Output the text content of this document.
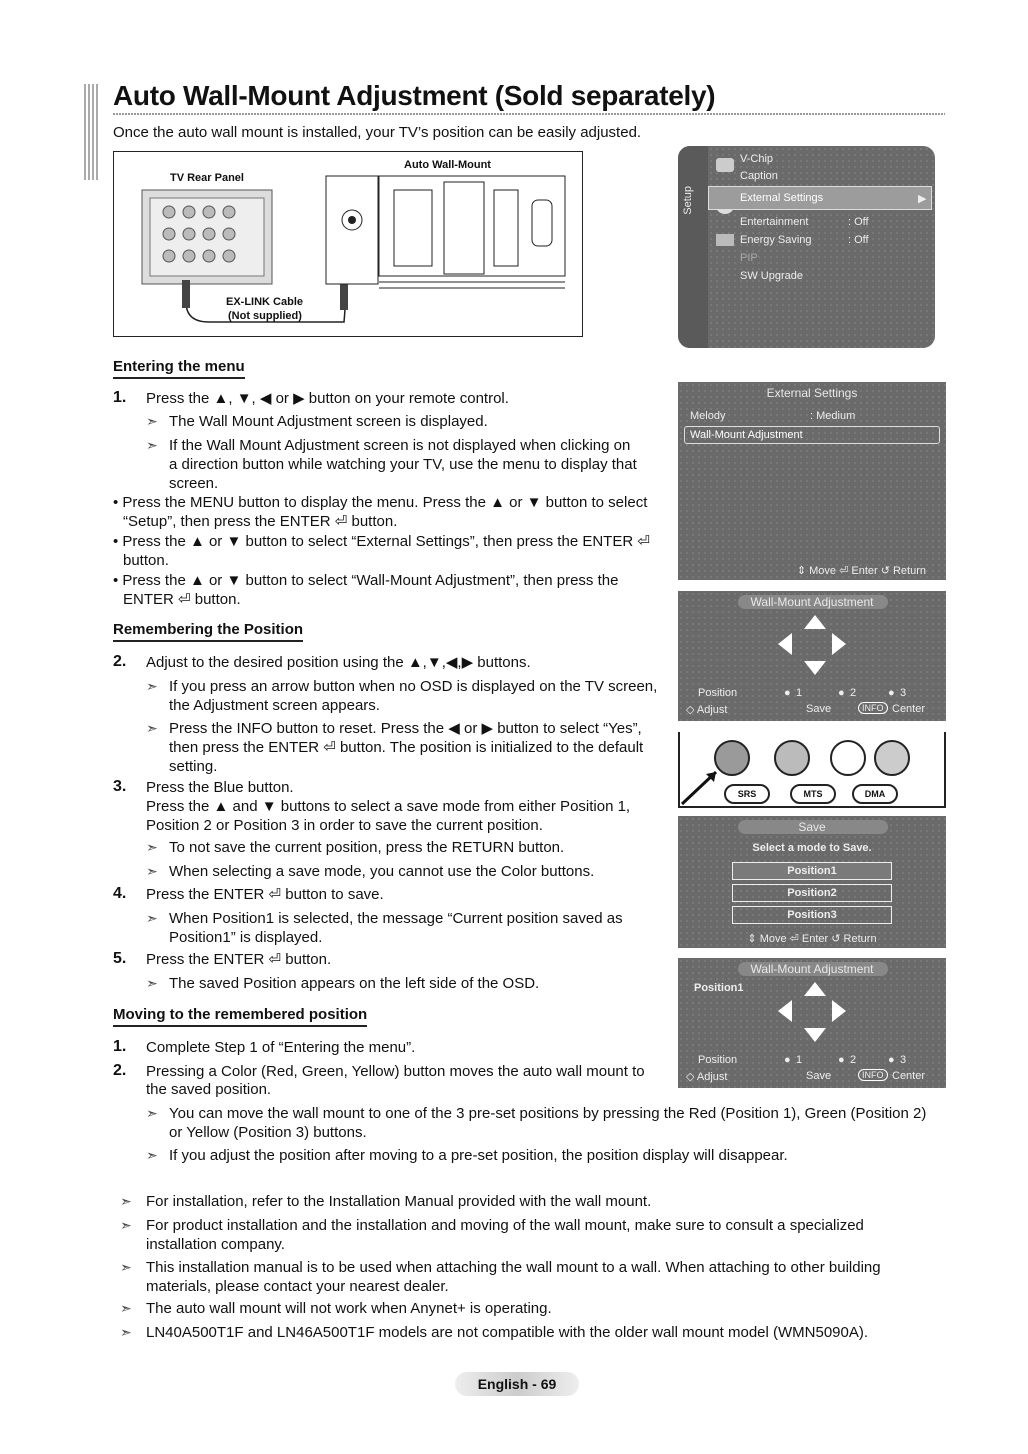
Auto Wall-Mount Adjustment (Sold separately)
Once the auto wall mount is installed, your TV’s position can be easily adjusted.
TV Rear Panel
Auto Wall-Mount
EX-LINK Cable
(Not supplied)
Entering the menu
1. Press the ▲, ▼, ◀ or ▶ button on your remote control.
➣ The Wall Mount Adjustment screen is displayed.
➣ If the Wall Mount Adjustment screen is not displayed when clicking on
a direction button while watching your TV, use the menu to display that
screen.
• Press the MENU button to display the menu. Press the ▲ or ▼ button to select
“Setup”, then press the ENTER ⏎ button.
• Press the ▲ or ▼ button to select “External Settings”, then press the ENTER ⏎
button.
• Press the ▲ or ▼ button to select “Wall-Mount Adjustment”, then press the
ENTER ⏎ button.
Remembering the Position
2. Adjust to the desired position using the ▲,▼,◀,▶ buttons.
➣ If you press an arrow button when no OSD is displayed on the TV screen,
the Adjustment screen appears.
➣ Press the INFO button to reset. Press the ◀ or ▶ button to select “Yes”,
then press the ENTER ⏎ button. The position is initialized to the default
setting.
3. Press the Blue button.
Press the ▲ and ▼ buttons to select a save mode from either Position 1,
Position 2 or Position 3 in order to save the current position.
➣ To not save the current position, press the RETURN button.
➣ When selecting a save mode, you cannot use the Color buttons.
4. Press the ENTER ⏎ button to save.
➣ When Position1 is selected, the message “Current position saved as
Position1” is displayed.
5. Press the ENTER ⏎ button.
➣ The saved Position appears on the left side of the OSD.
Moving to the remembered position
1. Complete Step 1 of “Entering the menu”.
2. Pressing a Color (Red, Green, Yellow) button moves the auto wall mount to
the saved position.
➣ You can move the wall mount to one of the 3 pre-set positions by pressing the Red (Position 1), Green (Position 2)
or Yellow (Position 3) buttons.
➣ If you adjust the position after moving to a pre-set position, the position display will disappear.
➣ For installation, refer to the Installation Manual provided with the wall mount.
➣ For product installation and the installation and moving of the wall mount, make sure to consult a specialized
installation company.
➣ This installation manual is to be used when attaching the wall mount to a wall. When attaching to other building
materials, please contact your nearest dealer.
➣ The auto wall mount will not work when Anynet+ is operating.
➣ LN40A500T1F and LN46A500T1F models are not compatible with the older wall mount model (WMN5090A).
Setup
V-Chip
Caption
External Settings	▶
Entertainment	: Off
Energy Saving	: Off
PIP
SW Upgrade
External Settings
Melody	: Medium
Wall-Mount Adjustment
⇕ Move ⏎ Enter ↺ Return
Wall-Mount Adjustment
Position	● 1	● 2	● 3
◇ Adjust	Save	INFO Center
SRS	MTS	DMA
Save
Select a mode to Save.
Position1
Position2
Position3
⇕ Move ⏎ Enter ↺ Return
Wall-Mount Adjustment
Position1
Position	● 1	● 2	● 3
◇ Adjust	Save	INFO Center
English - 69
